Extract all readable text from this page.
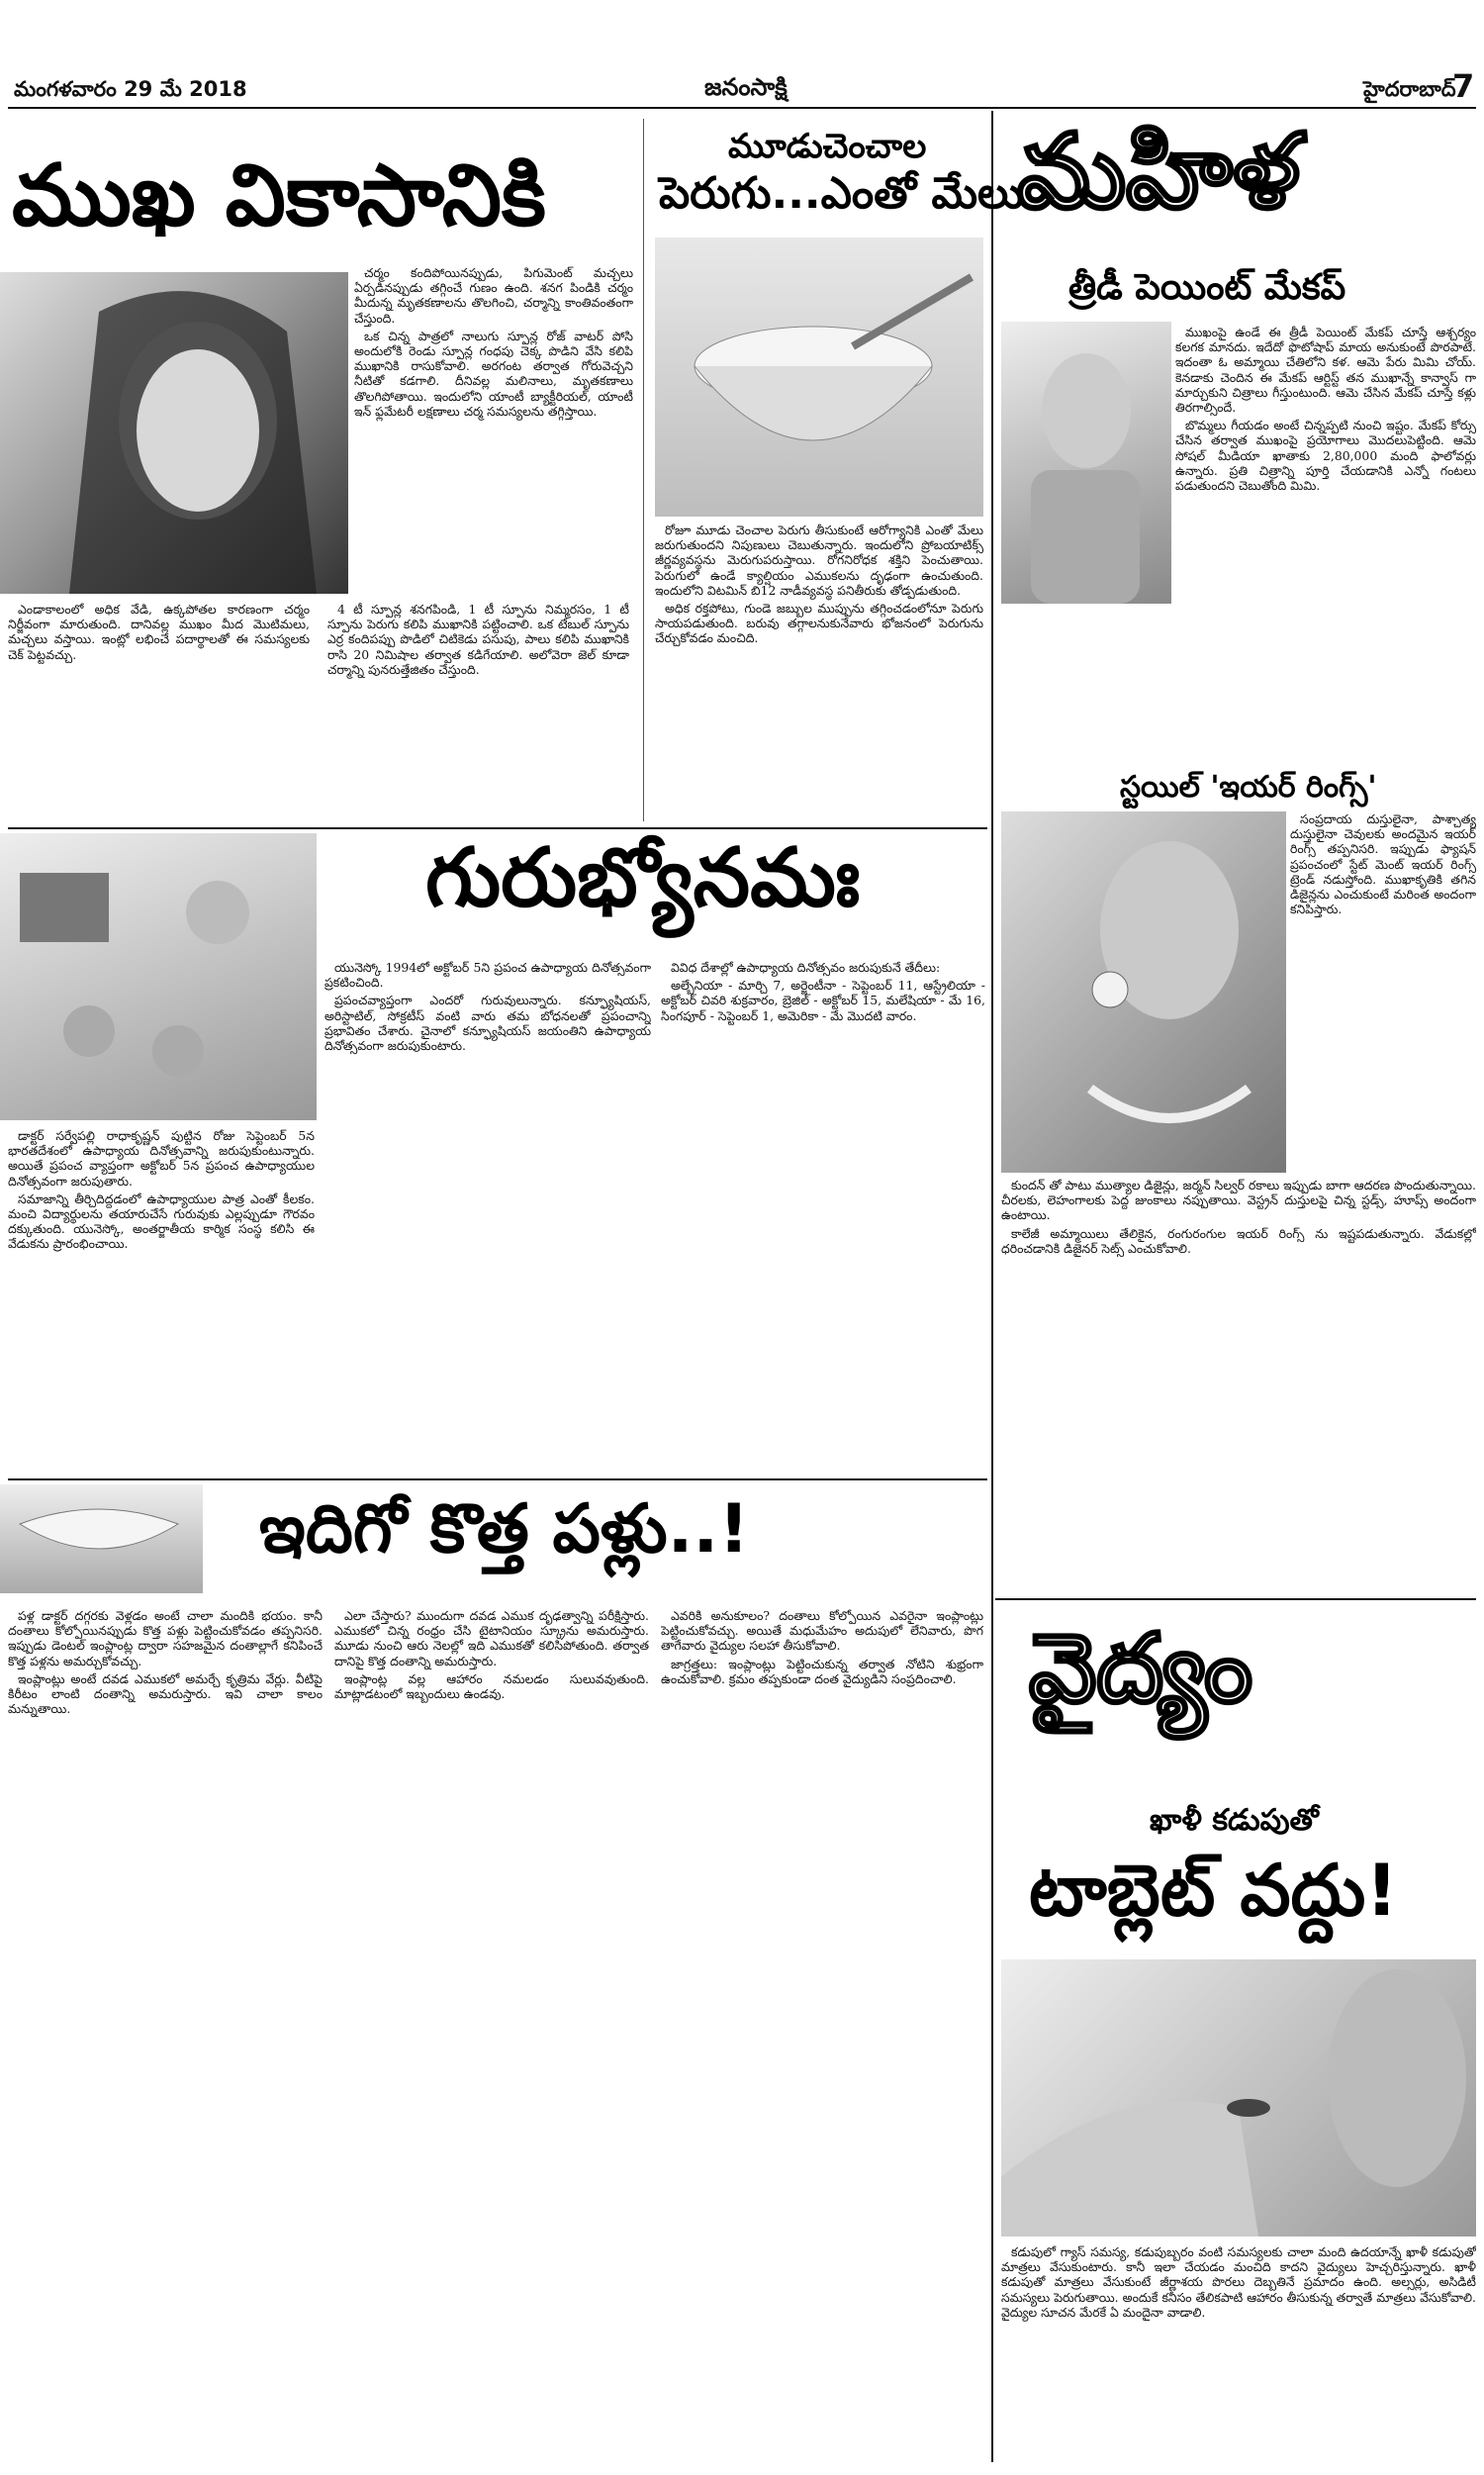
మంగళవారం 29 మే 2018	జనంసాక్షి	హైదరాబాద్
7
ముఖ వికాసానికి

చర్మం కందిపోయినప్పుడు, పిగుమెంట్ మచ్చలు ఏర్పడినప్పుడు తగ్గించే గుణం ఉంది. శనగ పిండికి చర్మం మీదున్న మృతకణాలను తొలగించి, చర్మాన్ని కాంతివంతంగా చేస్తుంది.

ఒక చిన్న పాత్రలో నాలుగు స్పూన్ల రోజ్ వాటర్ పోసి అందులోకి రెండు స్పూన్ల గంధపు చెక్క పొడిని వేసి కలిపి ముఖానికి రాసుకోవాలి. అరగంట తర్వాత గోరువెచ్చని నీటితో కడగాలి. దీనివల్ల మలినాలు, మృతకణాలు తొలగిపోతాయి. ఇందులోని యాంటీ బ్యాక్టీరియల్, యాంటీ ఇన్ ఫ్లమేటరీ లక్షణాలు చర్మ సమస్యలను తగ్గిస్తాయి.

ఎండాకాలంలో అధిక వేడి, ఉక్కపోతల కారణంగా చర్మం నిర్జీవంగా మారుతుంది. దానివల్ల ముఖం మీద మొటిమలు, మచ్చలు వస్తాయి. ఇంట్లో లభించే పదార్థాలతో ఈ సమస్యలకు చెక్ పెట్టవచ్చు.

4 టీ స్పూన్ల శనగపిండి, 1 టీ స్పూను నిమ్మరసం, 1 టీ స్పూను పెరుగు కలిపి ముఖానికి పట్టించాలి. ఒక టేబుల్ స్పూను ఎర్ర కందిపప్పు పొడిలో చిటికెడు పసుపు, పాలు కలిపి ముఖానికి రాసి 20 నిమిషాల తర్వాత కడిగేయాలి. అలోవెరా జెల్ కూడా చర్మాన్ని పునరుత్తేజితం చేస్తుంది.

మూడుచెంచాల
పెరుగు...ఎంతో మేలు

రోజూ మూడు చెంచాల పెరుగు తీసుకుంటే ఆరోగ్యానికి ఎంతో మేలు జరుగుతుందని నిపుణులు చెబుతున్నారు. ఇందులోని ప్రోబయాటిక్స్ జీర్ణవ్యవస్థను మెరుగుపరుస్తాయి. రోగనిరోధక శక్తిని పెంచుతాయి. పెరుగులో ఉండే క్యాల్షియం ఎముకలను దృఢంగా ఉంచుతుంది. ఇందులోని విటమిన్ బి12 నాడీవ్యవస్థ పనితీరుకు తోడ్పడుతుంది.

అధిక రక్తపోటు, గుండె జబ్బుల ముప్పును తగ్గించడంలోనూ పెరుగు సాయపడుతుంది. బరువు తగ్గాలనుకునేవారు భోజనంలో పెరుగును చేర్చుకోవడం మంచిది.

మహిళ
త్రీడీ పెయింట్ మేకప్

ముఖంపై ఉండే ఈ త్రీడీ పెయింట్ మేకప్ చూస్తే ఆశ్చర్యం కలగక మానదు. ఇదేదో ఫొటోషాప్ మాయ అనుకుంటే పొరపాటే. ఇదంతా ఓ అమ్మాయి చేతిలోని కళ. ఆమె పేరు మిమి చోయ్. కెనడాకు చెందిన ఈ మేకప్ ఆర్టిస్ట్ తన ముఖాన్నే కాన్వాస్ గా మార్చుకుని చిత్రాలు గీస్తుంటుంది. ఆమె చేసిన మేకప్ చూస్తే కళ్లు తిరగాల్సిందే.

బొమ్మలు గీయడం అంటే చిన్నప్పటి నుంచి ఇష్టం. మేకప్ కోర్సు చేసిన తర్వాత ముఖంపై ప్రయోగాలు మొదలుపెట్టింది. ఆమె సోషల్ మీడియా ఖాతాకు 2,80,000 మంది ఫాలోవర్లు ఉన్నారు. ప్రతి చిత్రాన్ని పూర్తి చేయడానికి ఎన్నో గంటలు పడుతుందని చెబుతోంది మిమి.

స్టయిల్ 'ఇయర్ రింగ్స్'

సంప్రదాయ దుస్తులైనా, పాశ్చాత్య దుస్తులైనా చెవులకు అందమైన ఇయర్ రింగ్స్ తప్పనిసరి. ఇప్పుడు ఫ్యాషన్ ప్రపంచంలో స్టేట్ మెంట్ ఇయర్ రింగ్స్ ట్రెండ్ నడుస్తోంది. ముఖాకృతికి తగిన డిజైన్లను ఎంచుకుంటే మరింత అందంగా కనిపిస్తారు.

కుందన్ తో పాటు ముత్యాల డిజైన్లు, జర్మన్ సిల్వర్ రకాలు ఇప్పుడు బాగా ఆదరణ పొందుతున్నాయి. చీరలకు, లెహంగాలకు పెద్ద జుంకాలు నప్పుతాయి. వెస్ట్రన్ దుస్తులపై చిన్న స్టడ్స్, హూప్స్ అందంగా ఉంటాయి.

కాలేజీ అమ్మాయిలు తేలికైన, రంగురంగుల ఇయర్ రింగ్స్ ను ఇష్టపడుతున్నారు. వేడుకల్లో ధరించడానికి డిజైనర్ సెట్స్ ఎంచుకోవాలి.

గురుభ్యోనమః

డాక్టర్ సర్వేపల్లి రాధాకృష్ణన్ పుట్టిన రోజు సెప్టెంబర్ 5న భారతదేశంలో ఉపాధ్యాయ దినోత్సవాన్ని జరుపుకుంటున్నారు. అయితే ప్రపంచ వ్యాప్తంగా అక్టోబర్ 5న ప్రపంచ ఉపాధ్యాయుల దినోత్సవంగా జరుపుతారు.

సమాజాన్ని తీర్చిదిద్దడంలో ఉపాధ్యాయుల పాత్ర ఎంతో కీలకం. మంచి విద్యార్థులను తయారుచేసే గురువుకు ఎల్లప్పుడూ గౌరవం దక్కుతుంది. యునెస్కో, అంతర్జాతీయ కార్మిక సంస్థ కలిసి ఈ వేడుకను ప్రారంభించాయి.

యునెస్కో 1994లో అక్టోబర్ 5ని ప్రపంచ ఉపాధ్యాయ దినోత్సవంగా ప్రకటించింది.

ప్రపంచవ్యాప్తంగా ఎందరో గురువులున్నారు. కన్ఫ్యూషియస్, అరిస్టాటిల్, సోక్రటీస్ వంటి వారు తమ బోధనలతో ప్రపంచాన్ని ప్రభావితం చేశారు. చైనాలో కన్ఫ్యూషియస్ జయంతిని ఉపాధ్యాయ దినోత్సవంగా జరుపుకుంటారు.

వివిధ దేశాల్లో ఉపాధ్యాయ దినోత్సవం జరుపుకునే తేదీలు:

అల్బేనియా - మార్చి 7, అర్జెంటీనా - సెప్టెంబర్ 11, ఆస్ట్రేలియా - అక్టోబర్ చివరి శుక్రవారం, బ్రెజిల్ - అక్టోబర్ 15, మలేషియా - మే 16, సింగపూర్ - సెప్టెంబర్ 1, అమెరికా - మే మొదటి వారం.

ఇదిగో కొత్త పళ్లు..!

పళ్ల డాక్టర్ దగ్గరకు వెళ్లడం అంటే చాలా మందికి భయం. కానీ దంతాలు కోల్పోయినప్పుడు కొత్త పళ్లు పెట్టించుకోవడం తప్పనిసరి. ఇప్పుడు డెంటల్ ఇంప్లాంట్ల ద్వారా సహజమైన దంతాల్లాగే కనిపించే కొత్త పళ్లను అమర్చుకోవచ్చు.

ఇంప్లాంట్లు అంటే దవడ ఎముకలో అమర్చే కృత్రిమ వేర్లు. వీటిపై కిరీటం లాంటి దంతాన్ని అమరుస్తారు. ఇవి చాలా కాలం మన్నుతాయి.

ఎలా చేస్తారు? ముందుగా దవడ ఎముక దృఢత్వాన్ని పరీక్షిస్తారు. ఎముకలో చిన్న రంధ్రం చేసి టైటానియం స్క్రూను అమరుస్తారు. మూడు నుంచి ఆరు నెలల్లో ఇది ఎముకతో కలిసిపోతుంది. తర్వాత దానిపై కొత్త దంతాన్ని అమరుస్తారు.

ఇంప్లాంట్ల వల్ల ఆహారం నమలడం సులువవుతుంది. మాట్లాడటంలో ఇబ్బందులు ఉండవు.

ఎవరికి అనుకూలం? దంతాలు కోల్పోయిన ఎవరైనా ఇంప్లాంట్లు పెట్టించుకోవచ్చు. అయితే మధుమేహం అదుపులో లేనివారు, పొగ తాగేవారు వైద్యుల సలహా తీసుకోవాలి.

జాగ్రత్తలు: ఇంప్లాంట్లు పెట్టించుకున్న తర్వాత నోటిని శుభ్రంగా ఉంచుకోవాలి. క్రమం తప్పకుండా దంత వైద్యుడిని సంప్రదించాలి. వైద్యం
ఖాళీ కడుపుతో
టాబ్లెట్ వద్దు!

కడుపులో గ్యాస్ సమస్య, కడుపుబ్బరం వంటి సమస్యలకు చాలా మంది ఉదయాన్నే ఖాళీ కడుపుతో మాత్రలు వేసుకుంటారు. కానీ ఇలా చేయడం మంచిది కాదని వైద్యులు హెచ్చరిస్తున్నారు. ఖాళీ కడుపుతో మాత్రలు వేసుకుంటే జీర్ణాశయ పొరలు దెబ్బతినే ప్రమాదం ఉంది. అల్సర్లు, అసిడిటీ సమస్యలు పెరుగుతాయి. అందుకే కనీసం తేలికపాటి ఆహారం తీసుకున్న తర్వాతే మాత్రలు వేసుకోవాలి. వైద్యుల సూచన మేరకే ఏ మందైనా వాడాలి.
